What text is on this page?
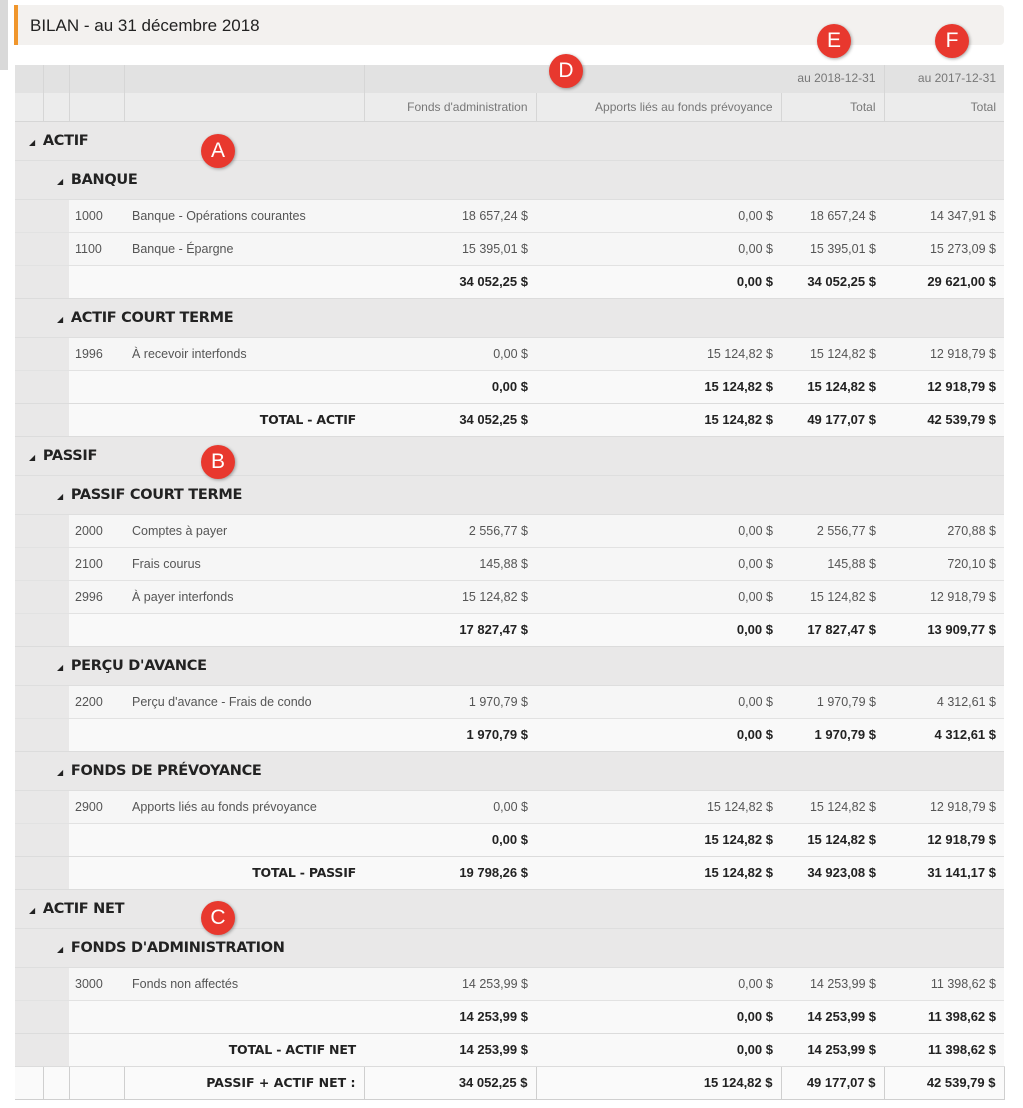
BILAN - au 31 décembre 2018
						au 2018-12-31	au 2017-12-31
				Fonds d'administration	Apports liés au fonds prévoyance	Total	Total
◢ ACTIF							
◢ BANQUE							
		1000	Banque - Opérations courantes	18 657,24 $	0,00 $	18 657,24 $	14 347,91 $
		1100	Banque - Épargne	15 395,01 $	0,00 $	15 395,01 $	15 273,09 $
				34 052,25 $	0,00 $	34 052,25 $	29 621,00 $
◢ ACTIF COURT TERME							
		1996	À recevoir interfonds	0,00 $	15 124,82 $	15 124,82 $	12 918,79 $
				0,00 $	15 124,82 $	15 124,82 $	12 918,79 $
		TOTAL - ACTIF		34 052,25 $	15 124,82 $	49 177,07 $	42 539,79 $
◢ PASSIF							
◢ PASSIF COURT TERME							
		2000	Comptes à payer	2 556,77 $	0,00 $	2 556,77 $	270,88 $
		2100	Frais courus	145,88 $	0,00 $	145,88 $	720,10 $
		2996	À payer interfonds	15 124,82 $	0,00 $	15 124,82 $	12 918,79 $
				17 827,47 $	0,00 $	17 827,47 $	13 909,77 $
◢ PERÇU D'AVANCE							
		2200	Perçu d'avance - Frais de condo	1 970,79 $	0,00 $	1 970,79 $	4 312,61 $
				1 970,79 $	0,00 $	1 970,79 $	4 312,61 $
◢ FONDS DE PRÉVOYANCE							
		2900	Apports liés au fonds prévoyance	0,00 $	15 124,82 $	15 124,82 $	12 918,79 $
				0,00 $	15 124,82 $	15 124,82 $	12 918,79 $
		TOTAL - PASSIF		19 798,26 $	15 124,82 $	34 923,08 $	31 141,17 $
◢ ACTIF NET							
◢ FONDS D'ADMINISTRATION							
		3000	Fonds non affectés	14 253,99 $	0,00 $	14 253,99 $	11 398,62 $
				14 253,99 $	0,00 $	14 253,99 $	11 398,62 $
		TOTAL - ACTIF NET		14 253,99 $	0,00 $	14 253,99 $	11 398,62 $
			PASSIF + ACTIF NET :	34 052,25 $	15 124,82 $	49 177,07 $	42 539,79 $
A
B
C
D
E	F
